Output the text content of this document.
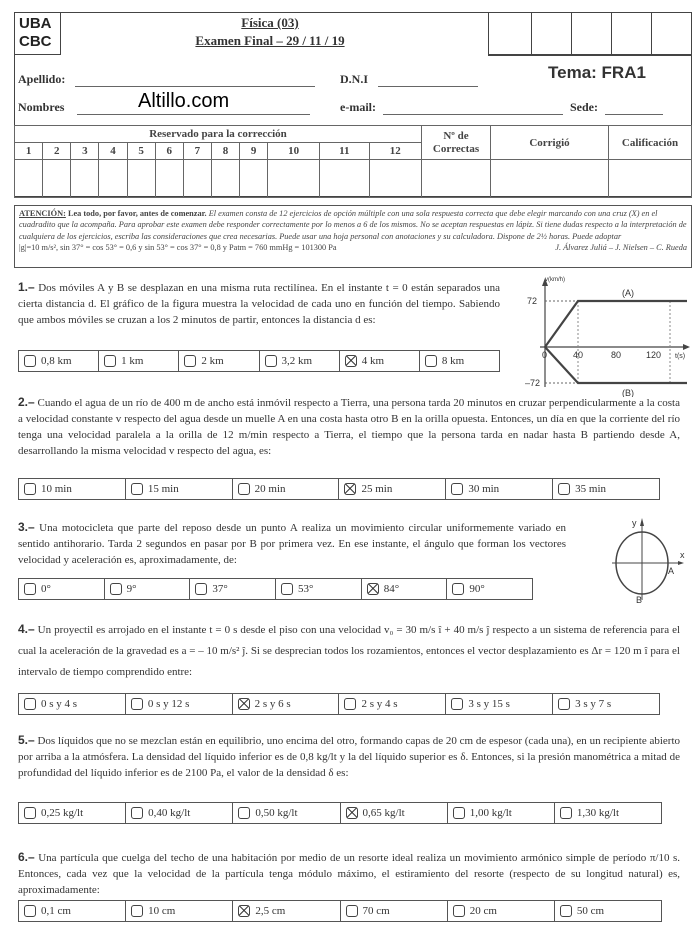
UBA
CBC
Física (03)
Examen Final – 29 / 11 / 19
Apellido:	D.N.I	Tema: FRA1
Nombres	Altillo.com	e-mail:	Sede:
Reservado para la corrección												Nº de Correctas	Corrigió	Calificación
1	2	3	4	5	6	7	8	9	10	11	12			

ATENCIÓN: Lea todo, por favor, antes de comenzar. El examen consta de 12 ejercicios de opción múltiple con una sola respuesta correcta que debe elegir marcando con una cruz (X) en el cuadradito que la acompaña. Para aprobar este examen debe responder correctamente por lo menos a 6 de los mismos. No se aceptan respuestas en lápiz. Si tiene dudas respecto a la interpretación de cualquiera de los ejercicios, escriba las consideraciones que crea necesarias. Puede usar una hoja personal con anotaciones y su calculadora. Dispone de 2½ horas. Puede adoptar
|g|=10 m/s², sin 37° = cos 53° = 0,6 y sin 53° = cos 37° = 0,8 y Patm = 760 mmHg = 101300 Pa	J. Álvarez Juliá – J. Nielsen – C. Rueda
1.– Dos móviles A y B se desplazan en una misma ruta rectilínea. En el instante t = 0 están separados una cierta distancia d. El gráfico de la figura muestra la velocidad de cada uno en función del tiempo. Sabiendo que ambos móviles se cruzan a los 2 minutos de partir, entonces la distancia d es:
0,8 km	1 km	2 km	3,2 km	4 km	8 km
v(km/h)
72
–72
0	40	80	120 t(s)
(A)
(B)
2.– Cuando el agua de un río de 400 m de ancho está inmóvil respecto a Tierra, una persona tarda 20 minutos en cruzar perpendicularmente a la costa a velocidad constante v respecto del agua desde un muelle A en una costa hasta otro B en la orilla opuesta. Entonces, un día en que la corriente del río tenga una velocidad paralela a la orilla de 12 m/min respecto a Tierra, el tiempo que la persona tarda en nadar hasta B partiendo desde A, desarrollando la misma velocidad v respecto del agua, es:
10 min	15 min	20 min	25 min	30 min	35 min
3.– Una motocicleta que parte del reposo desde un punto A realiza un movimiento circular uniformemente variado en sentido antihorario. Tarda 2 segundos en pasar por B por primera vez. En ese instante, el ángulo que forman los vectores velocidad y aceleración es, aproximadamente, de:
0°	9°	37°	53°	84°	90°
y
x
A
B
4.– Un proyectil es arrojado en el instante t = 0 s desde el piso con una velocidad v₀ = 30 m/s î + 40 m/s ĵ respecto a un sistema de referencia para el cual la aceleración de la gravedad es a = – 10 m/s² ĵ. Si se desprecian todos los rozamientos, entonces el vector desplazamiento es Δr = 120 m î para el intervalo de tiempo comprendido entre:
0 s y 4 s	0 s y 12 s	2 s y 6 s	2 s y 4 s	3 s y 15 s	3 s y 7 s
5.– Dos líquidos que no se mezclan están en equilibrio, uno encima del otro, formando capas de 20 cm de espesor (cada una), en un recipiente abierto por arriba a la atmósfera. La densidad del líquido inferior es de 0,8 kg/lt y la del líquido superior es δ. Entonces, si la presión manométrica a mitad de profundidad del líquido inferior es de 2100 Pa, el valor de la densidad δ es:
0,25 kg/lt	0,40 kg/lt	0,50 kg/lt	0,65 kg/lt	1,00 kg/lt	1,30 kg/lt
6.– Una partícula que cuelga del techo de una habitación por medio de un resorte ideal realiza un movimiento armónico simple de período π/10 s. Entonces, cada vez que la velocidad de la partícula tenga módulo máximo, el estiramiento del resorte (respecto de su longitud natural) es, aproximadamente:
0,1 cm	10 cm	2,5 cm	70 cm	20 cm	50 cm
